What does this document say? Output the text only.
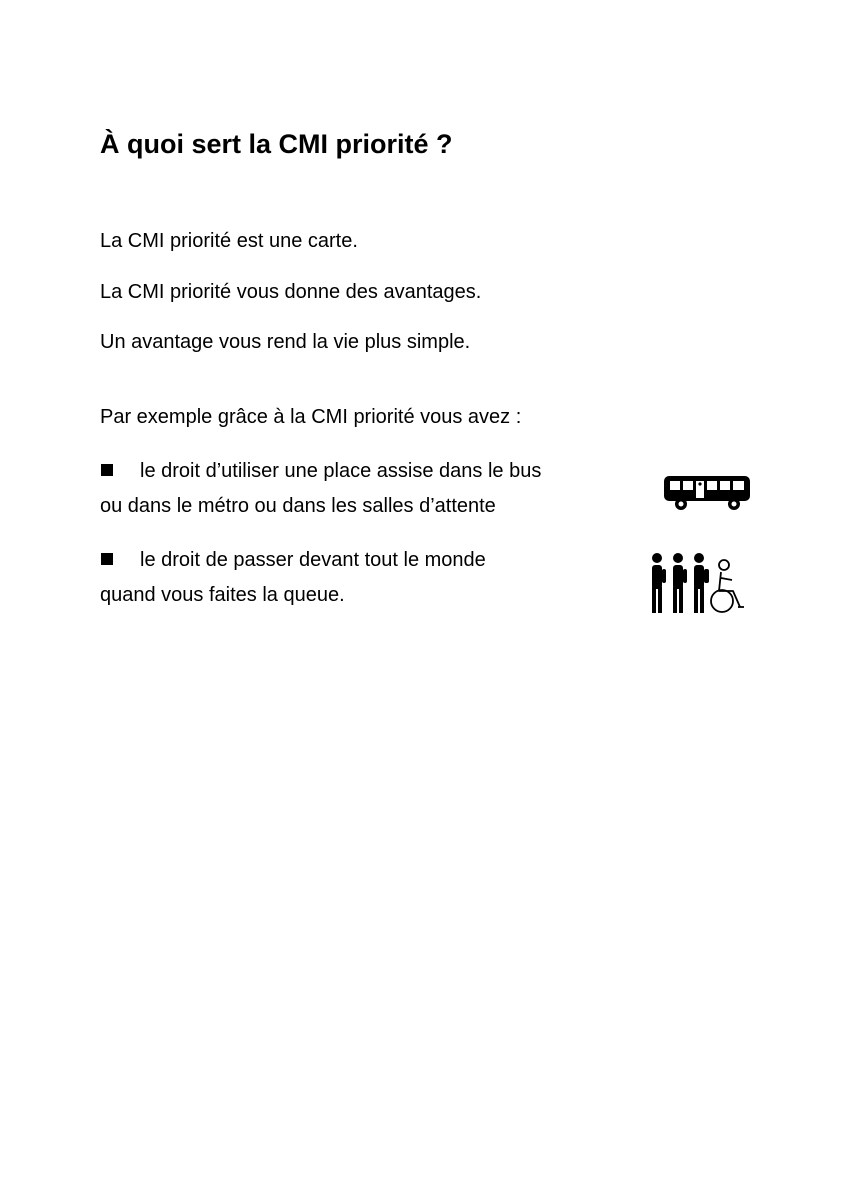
À quoi sert la CMI priorité ?

La CMI priorité est une carte.

La CMI priorité vous donne des avantages.

Un avantage vous rend la vie plus simple.

Par exemple grâce à la CMI priorité vous avez :

le droit d’utiliser une place assise dans le bus
ou dans le métro ou dans les salles d’attente
le droit de passer devant tout le monde
quand vous faites la queue.
